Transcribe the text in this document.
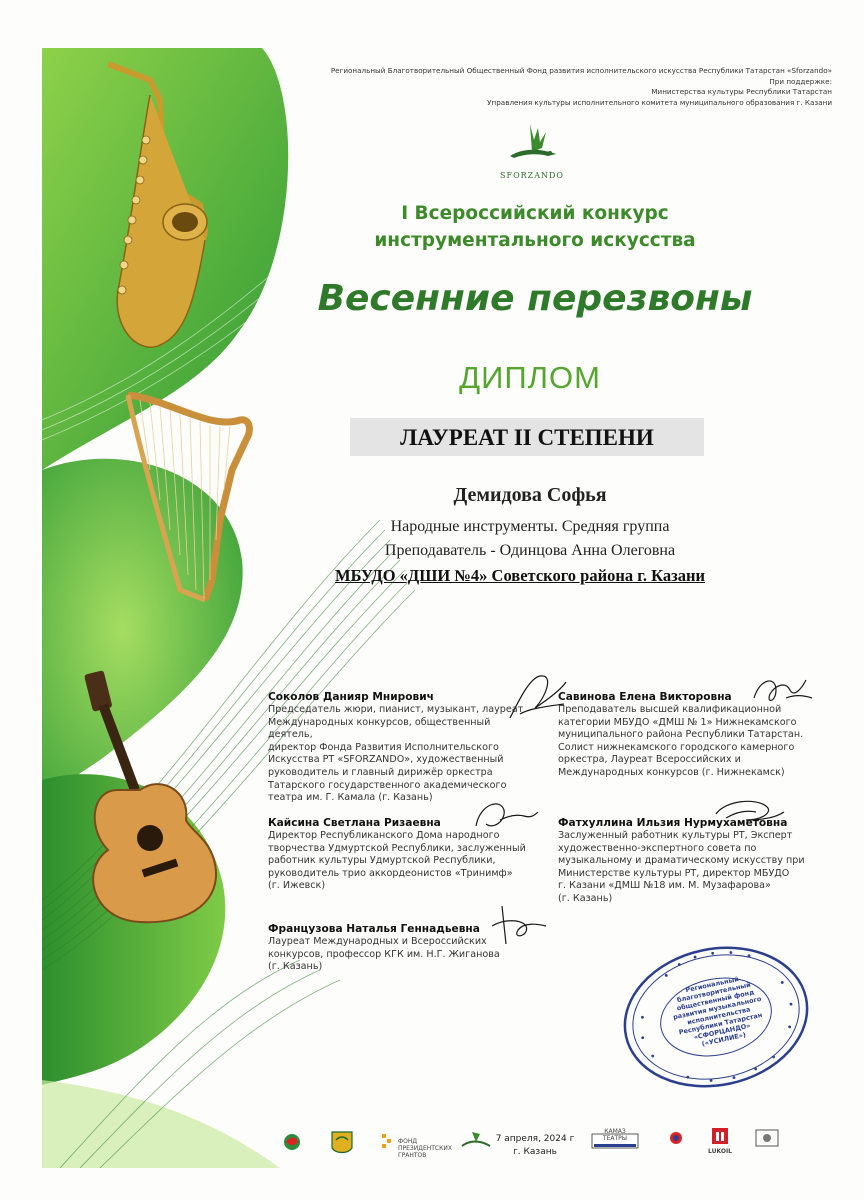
Региональный Благотворительный Общественный Фонд развития исполнительского искусства Республики Татарстан «Sforzando»
При поддержке:
Министерства культуры Республики Татарстан
Управления культуры исполнительного комитета муниципального образования г. Казани
SFORZANDO
I Всероссийский конкурс
инструментального искусства
Весенние перезвоны
ДИПЛОМ
ЛАУРЕАТ II СТЕПЕНИ
Демидова Софья
Народные инструменты. Средняя группа
Преподаватель - Одинцова Анна Олеговна
МБУДО «ДШИ №4» Советского района г. Казани
Соколов Данияр Мнирович
Председатель жюри, пианист, музыкант, лауреат
Международных конкурсов, общественный деятель,
директор Фонда Развития Исполнительского
Искусства РТ «SFORZANDO», художественный
руководитель и главный дирижёр оркестра
Татарского государственного академического
театра им. Г. Камала (г. Казань)
Савинова Елена Викторовна
Преподаватель высшей квалификационной
категории МБУДО «ДМШ № 1» Нижнекамского
муниципального района Республики Татарстан.
Солист нижнекамского городского камерного
оркестра, Лауреат Всероссийских и
Международных конкурсов (г. Нижнекамск)
Кайсина Светлана Ризаевна
Директор Республиканского Дома народного
творчества Удмуртской Республики, заслуженный
работник культуры Удмуртской Республики,
руководитель трио аккордеонистов «Тринимф»
(г. Ижевск)
Фатхуллина Ильзия Нурмухаметовна
Заслуженный работник культуры РТ, Эксперт
художественно-экспертного совета по
музыкальному и драматическому искусству при
Министерстве культуры РТ, директор МБУДО
г. Казани «ДМШ №18 им. М. Музафарова»
(г. Казань)
Французова Наталья Геннадьевна
Лауреат Международных и Всероссийских
конкурсов, профессор КГК им. Н.Г. Жиганова
(г. Казань)
Региональный благотворительный общественный фонд развития музыкального исполнительства Республики Татарстан «СФОРЦАНДО» («УСИЛИЕ»)
ФОНД ПРЕЗИДЕНТСКИХ ГРАНТОВ
КАМАЗ ТЕАТРЫ
LUKOIL
7 апреля, 2024 г
г. Казань
